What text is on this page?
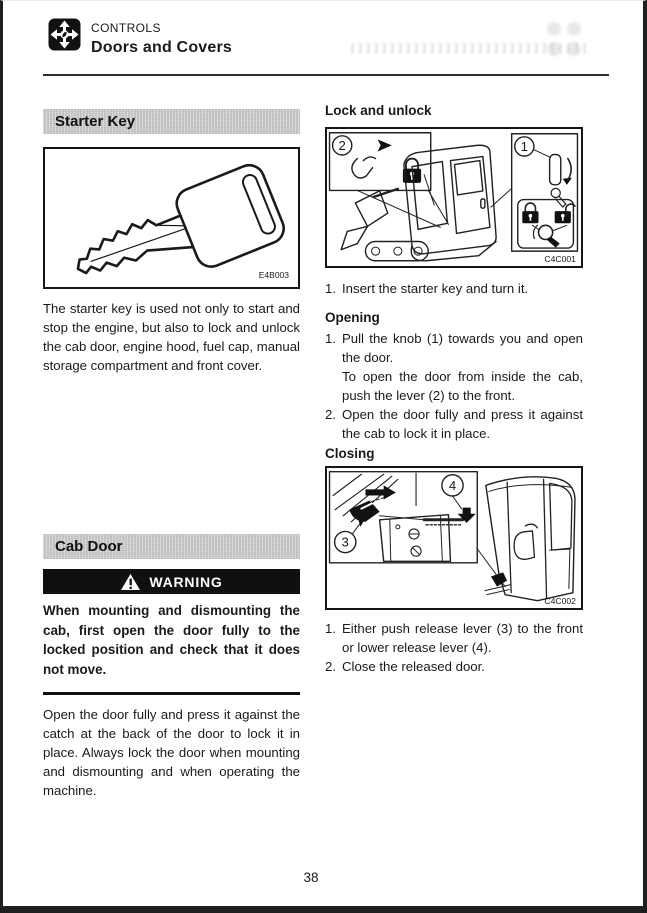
CONTROLS
Doors and Covers
Starter Key
E4B003

The starter key is used not only to start and stop the engine, but also to lock and unlock the cab door, engine hood, fuel cap, manual storage compartment and front cover.

Cab Door
WARNING

When mounting and dismounting the cab, first open the door fully to the locked position and check that it does not move.

Open the door fully and press it against the catch at the back of the door to lock it in place. Always lock the door when mounting and dismounting and when operating the machine.

Lock and unlock
2	1
C4C001
1. Insert the starter key and turn it.
Opening
1. Pull the knob (1) towards you and open the door.
To open the door from inside the cab, push the lever (2) to the front.
2. Open the door fully and press it against the cab to lock it in place.
Closing
4
3
C4C002
1. Either push release lever (3) to the front or lower release lever (4).
2. Close the released door.
38
